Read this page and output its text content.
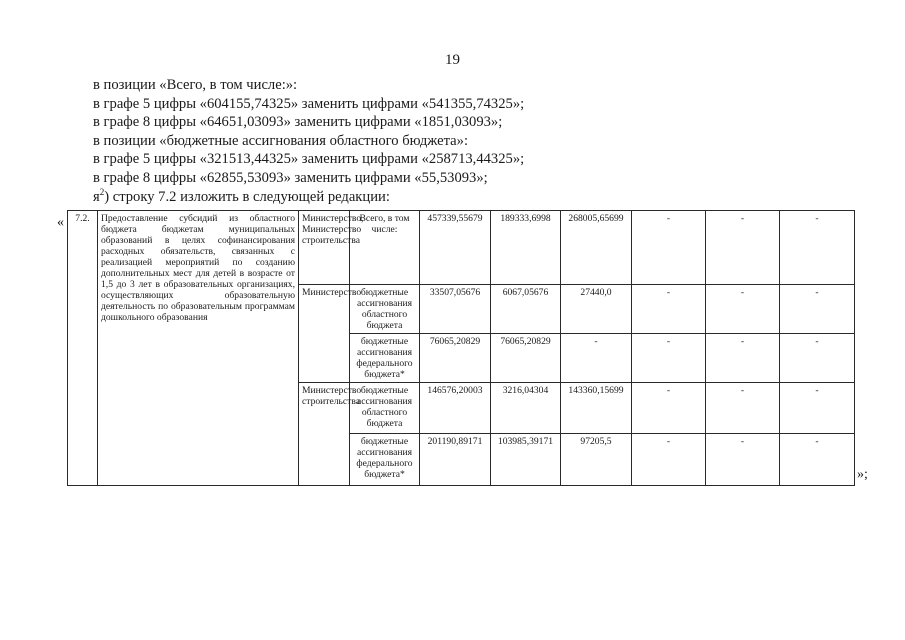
19
в позиции «Всего, в том числе:»:
в графе 5 цифры «604155,74325» заменить цифрами «541355,74325»;
в графе 8 цифры «64651,03093» заменить цифрами «1851,03093»;
в позиции «бюджетные ассигнования областного бюджета»:
в графе 5 цифры «321513,44325» заменить цифрами «258713,44325»;
в графе 8 цифры «62855,53093» заменить цифрами «55,53093»;
$я^2$) строку 7.2 изложить в следующей редакции:
« 7.2.	Предоставление субсидий из областного бюджета бюджетам муниципальных образований в целях софинансирования расходных обязательств, связанных с реализацией мероприятий по созданию дополнительных мест для детей в возрасте от 1,5 до 3 лет в образовательных организациях, осуществляющих образовательную деятельность по образовательным программам дошкольного образования	Министерство, Министерство строительства	Всего, в том числе:	457339,55679	189333,6998	268005,65699	-	-	-
		Министерство	бюджетные ассигнования областного бюджета	33507,05676	6067,05676	27440,0	-	-	-
			бюджетные ассигнования федерального бюджета*	76065,20829	76065,20829	-	-	-	-
		Министерство строительства	бюджетные ассигнования областного бюджета	146576,20003	3216,04304	143360,15699	-	-	-
			бюджетные ассигнования федерального бюджета*	201190,89171	103985,39171	97205,5	-	-	-
»;
